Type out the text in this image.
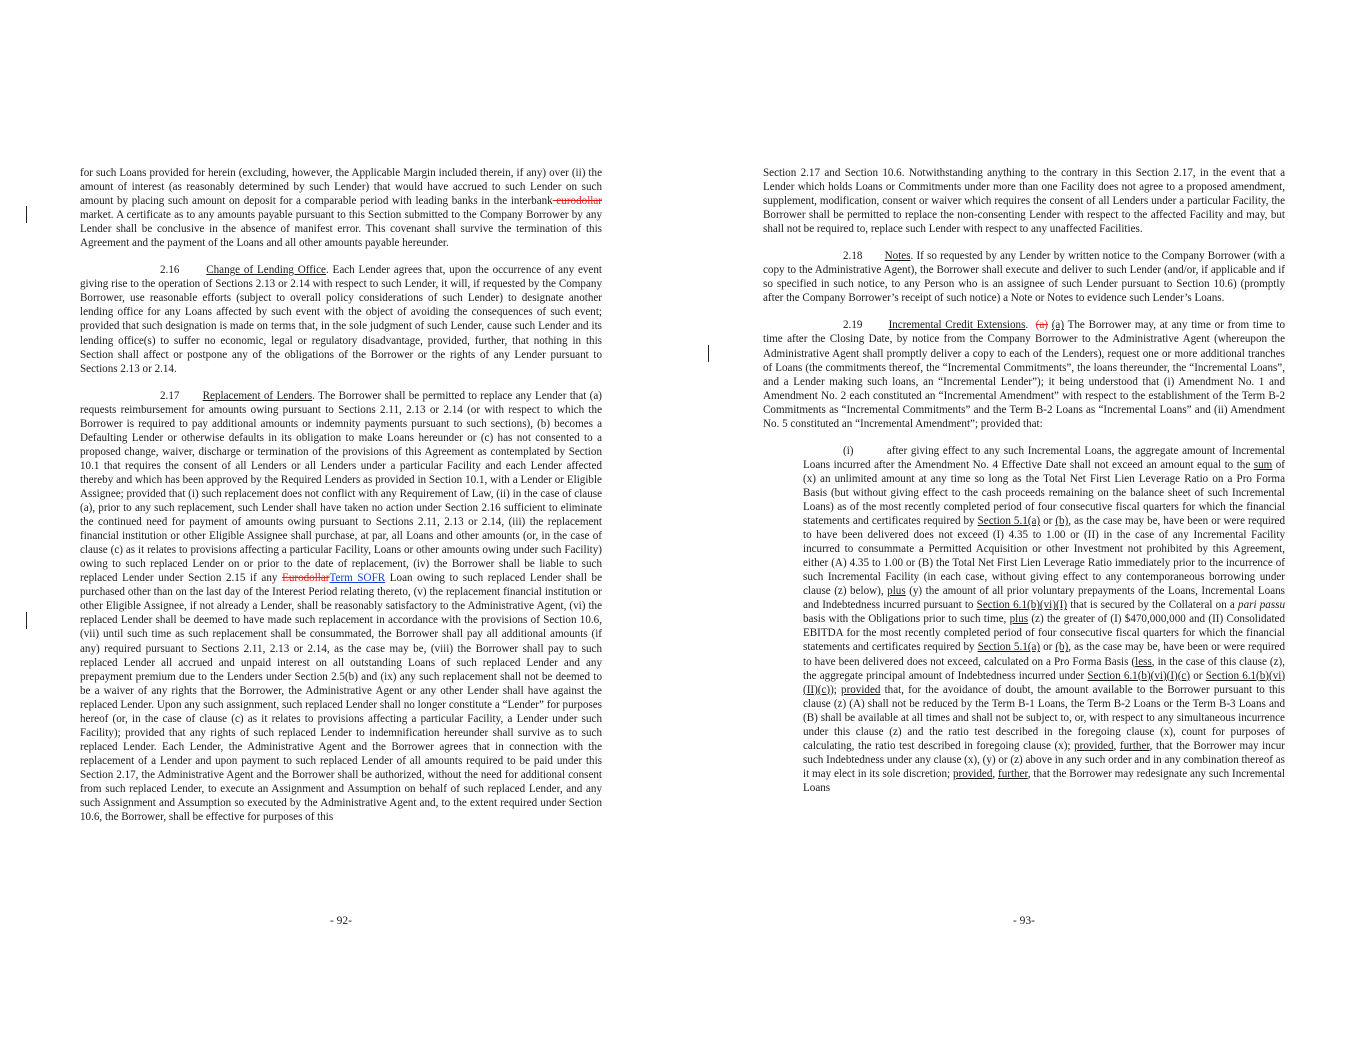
for such Loans provided for herein (excluding, however, the Applicable Margin included therein, if any) over (ii) the amount of interest (as reasonably determined by such Lender) that would have accrued to such Lender on such amount by placing such amount on deposit for a comparable period with leading banks in the interbank eurodollar market. A certificate as to any amounts payable pursuant to this Section submitted to the Company Borrower by any Lender shall be conclusive in the absence of manifest error. This covenant shall survive the termination of this Agreement and the payment of the Loans and all other amounts payable hereunder.

2.16 Change of Lending Office. Each Lender agrees that, upon the occurrence of any event giving rise to the operation of Sections 2.13 or 2.14 with respect to such Lender, it will, if requested by the Company Borrower, use reasonable efforts (subject to overall policy considerations of such Lender) to designate another lending office for any Loans affected by such event with the object of avoiding the consequences of such event; provided that such designation is made on terms that, in the sole judgment of such Lender, cause such Lender and its lending office(s) to suffer no economic, legal or regulatory disadvantage, provided, further, that nothing in this Section shall affect or postpone any of the obligations of the Borrower or the rights of any Lender pursuant to Sections 2.13 or 2.14.

2.17 Replacement of Lenders. The Borrower shall be permitted to replace any Lender that (a) requests reimbursement for amounts owing pursuant to Sections 2.11, 2.13 or 2.14 (or with respect to which the Borrower is required to pay additional amounts or indemnity payments pursuant to such sections), (b) becomes a Defaulting Lender or otherwise defaults in its obligation to make Loans hereunder or (c) has not consented to a proposed change, waiver, discharge or termination of the provisions of this Agreement as contemplated by Section 10.1 that requires the consent of all Lenders or all Lenders under a particular Facility and each Lender affected thereby and which has been approved by the Required Lenders as provided in Section 10.1, with a Lender or Eligible Assignee; provided that (i) such replacement does not conflict with any Requirement of Law, (ii) in the case of clause (a), prior to any such replacement, such Lender shall have taken no action under Section 2.16 sufficient to eliminate the continued need for payment of amounts owing pursuant to Sections 2.11, 2.13 or 2.14, (iii) the replacement financial institution or other Eligible Assignee shall purchase, at par, all Loans and other amounts (or, in the case of clause (c) as it relates to provisions affecting a particular Facility, Loans or other amounts owing under such Facility) owing to such replaced Lender on or prior to the date of replacement, (iv) the Borrower shall be liable to such replaced Lender under Section 2.15 if any EurodollarTerm SOFR Loan owing to such replaced Lender shall be purchased other than on the last day of the Interest Period relating thereto, (v) the replacement financial institution or other Eligible Assignee, if not already a Lender, shall be reasonably satisfactory to the Administrative Agent, (vi) the replaced Lender shall be deemed to have made such replacement in accordance with the provisions of Section 10.6, (vii) until such time as such replacement shall be consummated, the Borrower shall pay all additional amounts (if any) required pursuant to Sections 2.11, 2.13 or 2.14, as the case may be, (viii) the Borrower shall pay to such replaced Lender all accrued and unpaid interest on all outstanding Loans of such replaced Lender and any prepayment premium due to the Lenders under Section 2.5(b) and (ix) any such replacement shall not be deemed to be a waiver of any rights that the Borrower, the Administrative Agent or any other Lender shall have against the replaced Lender. Upon any such assignment, such replaced Lender shall no longer constitute a “Lender” for purposes hereof (or, in the case of clause (c) as it relates to provisions affecting a particular Facility, a Lender under such Facility); provided that any rights of such replaced Lender to indemnification hereunder shall survive as to such replaced Lender. Each Lender, the Administrative Agent and the Borrower agrees that in connection with the replacement of a Lender and upon payment to such replaced Lender of all amounts required to be paid under this Section 2.17, the Administrative Agent and the Borrower shall be authorized, without the need for additional consent from such replaced Lender, to execute an Assignment and Assumption on behalf of such replaced Lender, and any such Assignment and Assumption so executed by the Administrative Agent and, to the extent required under Section 10.6, the Borrower, shall be effective for purposes of this

- 92-

Section 2.17 and Section 10.6. Notwithstanding anything to the contrary in this Section 2.17, in the event that a Lender which holds Loans or Commitments under more than one Facility does not agree to a proposed amendment, supplement, modification, consent or waiver which requires the consent of all Lenders under a particular Facility, the Borrower shall be permitted to replace the non-consenting Lender with respect to the affected Facility and may, but shall not be required to, replace such Lender with respect to any unaffected Facilities.

2.18 Notes. If so requested by any Lender by written notice to the Company Borrower (with a copy to the Administrative Agent), the Borrower shall execute and deliver to such Lender (and/or, if applicable and if so specified in such notice, to any Person who is an assignee of such Lender pursuant to Section 10.6) (promptly after the Company Borrower’s receipt of such notice) a Note or Notes to evidence such Lender’s Loans.

2.19 Incremental Credit Extensions.  (a) (a) The Borrower may, at any time or from time to time after the Closing Date, by notice from the Company Borrower to the Administrative Agent (whereupon the Administrative Agent shall promptly deliver a copy to each of the Lenders), request one or more additional tranches of Loans (the commitments thereof, the “Incremental Commitments”, the loans thereunder, the “Incremental Loans”, and a Lender making such loans, an “Incremental Lender”); it being understood that (i) Amendment No. 1 and Amendment No. 2 each constituted an “Incremental Amendment” with respect to the establishment of the Term B-2 Commitments as “Incremental Commitments” and the Term B-2 Loans as “Incremental Loans” and (ii) Amendment No. 5 constituted an “Incremental Amendment”; provided that:

(i)	after giving effect to any such Incremental Loans, the aggregate amount of Incremental Loans incurred after the Amendment No. 4 Effective Date shall not exceed an amount equal to the sum of (x) an unlimited amount at any time so long as the Total Net First Lien Leverage Ratio on a Pro Forma Basis (but without giving effect to the cash proceeds remaining on the balance sheet of such Incremental Loans) as of the most recently completed period of four consecutive fiscal quarters for which the financial statements and certificates required by Section 5.1(a) or (b), as the case may be, have been or were required to have been delivered does not exceed (I) 4.35 to 1.00 or (II) in the case of any Incremental Facility incurred to consummate a Permitted Acquisition or other Investment not prohibited by this Agreement, either (A) 4.35 to 1.00 or (B) the Total Net First Lien Leverage Ratio immediately prior to the incurrence of such Incremental Facility (in each case, without giving effect to any contemporaneous borrowing under clause (z) below), plus (y) the amount of all prior voluntary prepayments of the Loans, Incremental Loans and Indebtedness incurred pursuant to Section 6.1(b)(vi)(I) that is secured by the Collateral on a pari passu basis with the Obligations prior to such time, plus (z) the greater of (I) $470,000,000 and (II) Consolidated EBITDA for the most recently completed period of four consecutive fiscal quarters for which the financial statements and certificates required by Section 5.1(a) or (b), as the case may be, have been or were required to have been delivered does not exceed, calculated on a Pro Forma Basis (less, in the case of this clause (z), the aggregate principal amount of Indebtedness incurred under Section 6.1(b)(vi)(I)(c) or Section 6.1(b)(vi)(II)(c)); provided that, for the avoidance of doubt, the amount available to the Borrower pursuant to this clause (z) (A) shall not be reduced by the Term B-1 Loans, the Term B-2 Loans or the Term B-3 Loans and (B) shall be available at all times and shall not be subject to, or, with respect to any simultaneous incurrence under this clause (z) and the ratio test described in the foregoing clause (x), count for purposes of calculating, the ratio test described in foregoing clause (x); provided, further, that the Borrower may incur such Indebtedness under any clause (x), (y) or (z) above in any such order and in any combination thereof as it may elect in its sole discretion; provided, further, that the Borrower may redesignate any such Incremental Loans

- 93-
